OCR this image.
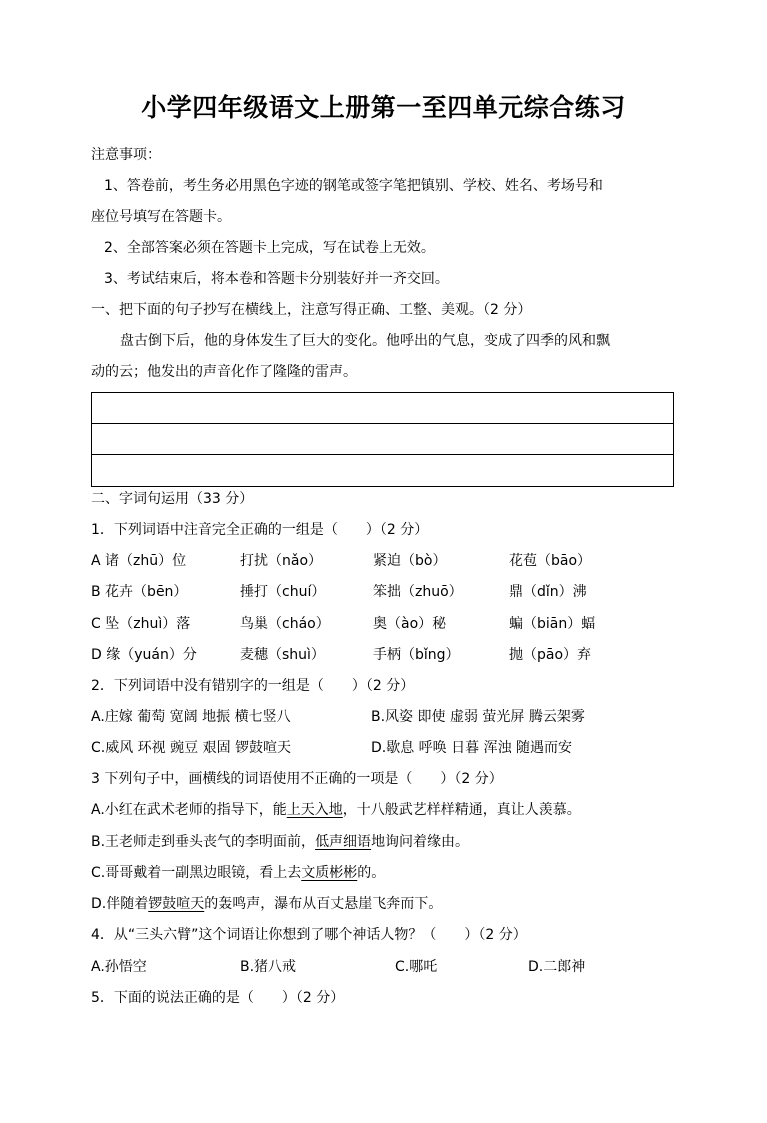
小学四年级语文上册第一至四单元综合练习
注意事项：
1、答卷前，考生务必用黑色字迹的钢笔或签字笔把镇别、学校、姓名、考场号和
座位号填写在答题卡。
2、全部答案必须在答题卡上完成，写在试卷上无效。
3、考试结束后，将本卷和答题卡分别装好并一齐交回。
一、把下面的句子抄写在横线上，注意写得正确、工整、美观。（2 分）
盘古倒下后，他的身体发生了巨大的变化。他呼出的气息，变成了四季的风和飘
动的云；他发出的声音化作了隆隆的雷声。
二、字词句运用（33 分）
1．下列词语中注音完全正确的一组是（　　）（2 分）
A 诸（zhū）位	打扰（nǎo）	紧迫（bò）	花苞（bāo）
B 花卉（bēn）	捶打（chuí）	笨拙（zhuō）	鼎（dǐn）沸
C 坠（zhuì）落	鸟巢（cháo）	奥（ào）秘	蝙（biān）蝠
D 缘（yuán）分	麦穗（shuì）	手柄（bǐng）	抛（pāo）弃
2．下列词语中没有错别字的一组是（　　）（2 分）
A.庄嫁 葡萄 宽阔 地振 横七竖八	B.风姿 即使 虚弱 萤光屏 腾云架雾
C.威风 环视 豌豆 艰固 锣鼓喧天	D.歇息 呼唤 日暮 浑浊 随遇而安
3 下列句子中，画横线的词语使用不正确的一项是（　　）（2 分）
A.小红在武术老师的指导下，能上天入地，十八般武艺样样精通，真让人羡慕。
B.王老师走到垂头丧气的李明面前，低声细语地询问着缘由。
C.哥哥戴着一副黑边眼镜，看上去文质彬彬的。
D.伴随着锣鼓喧天的轰鸣声，瀑布从百丈悬崖飞奔而下。
4．从“三头六臂”这个词语让你想到了哪个神话人物？（　　）（2 分）
A.孙悟空	B.猪八戒	C.哪吒	D.二郎神
5．下面的说法正确的是（　　）（2 分）
